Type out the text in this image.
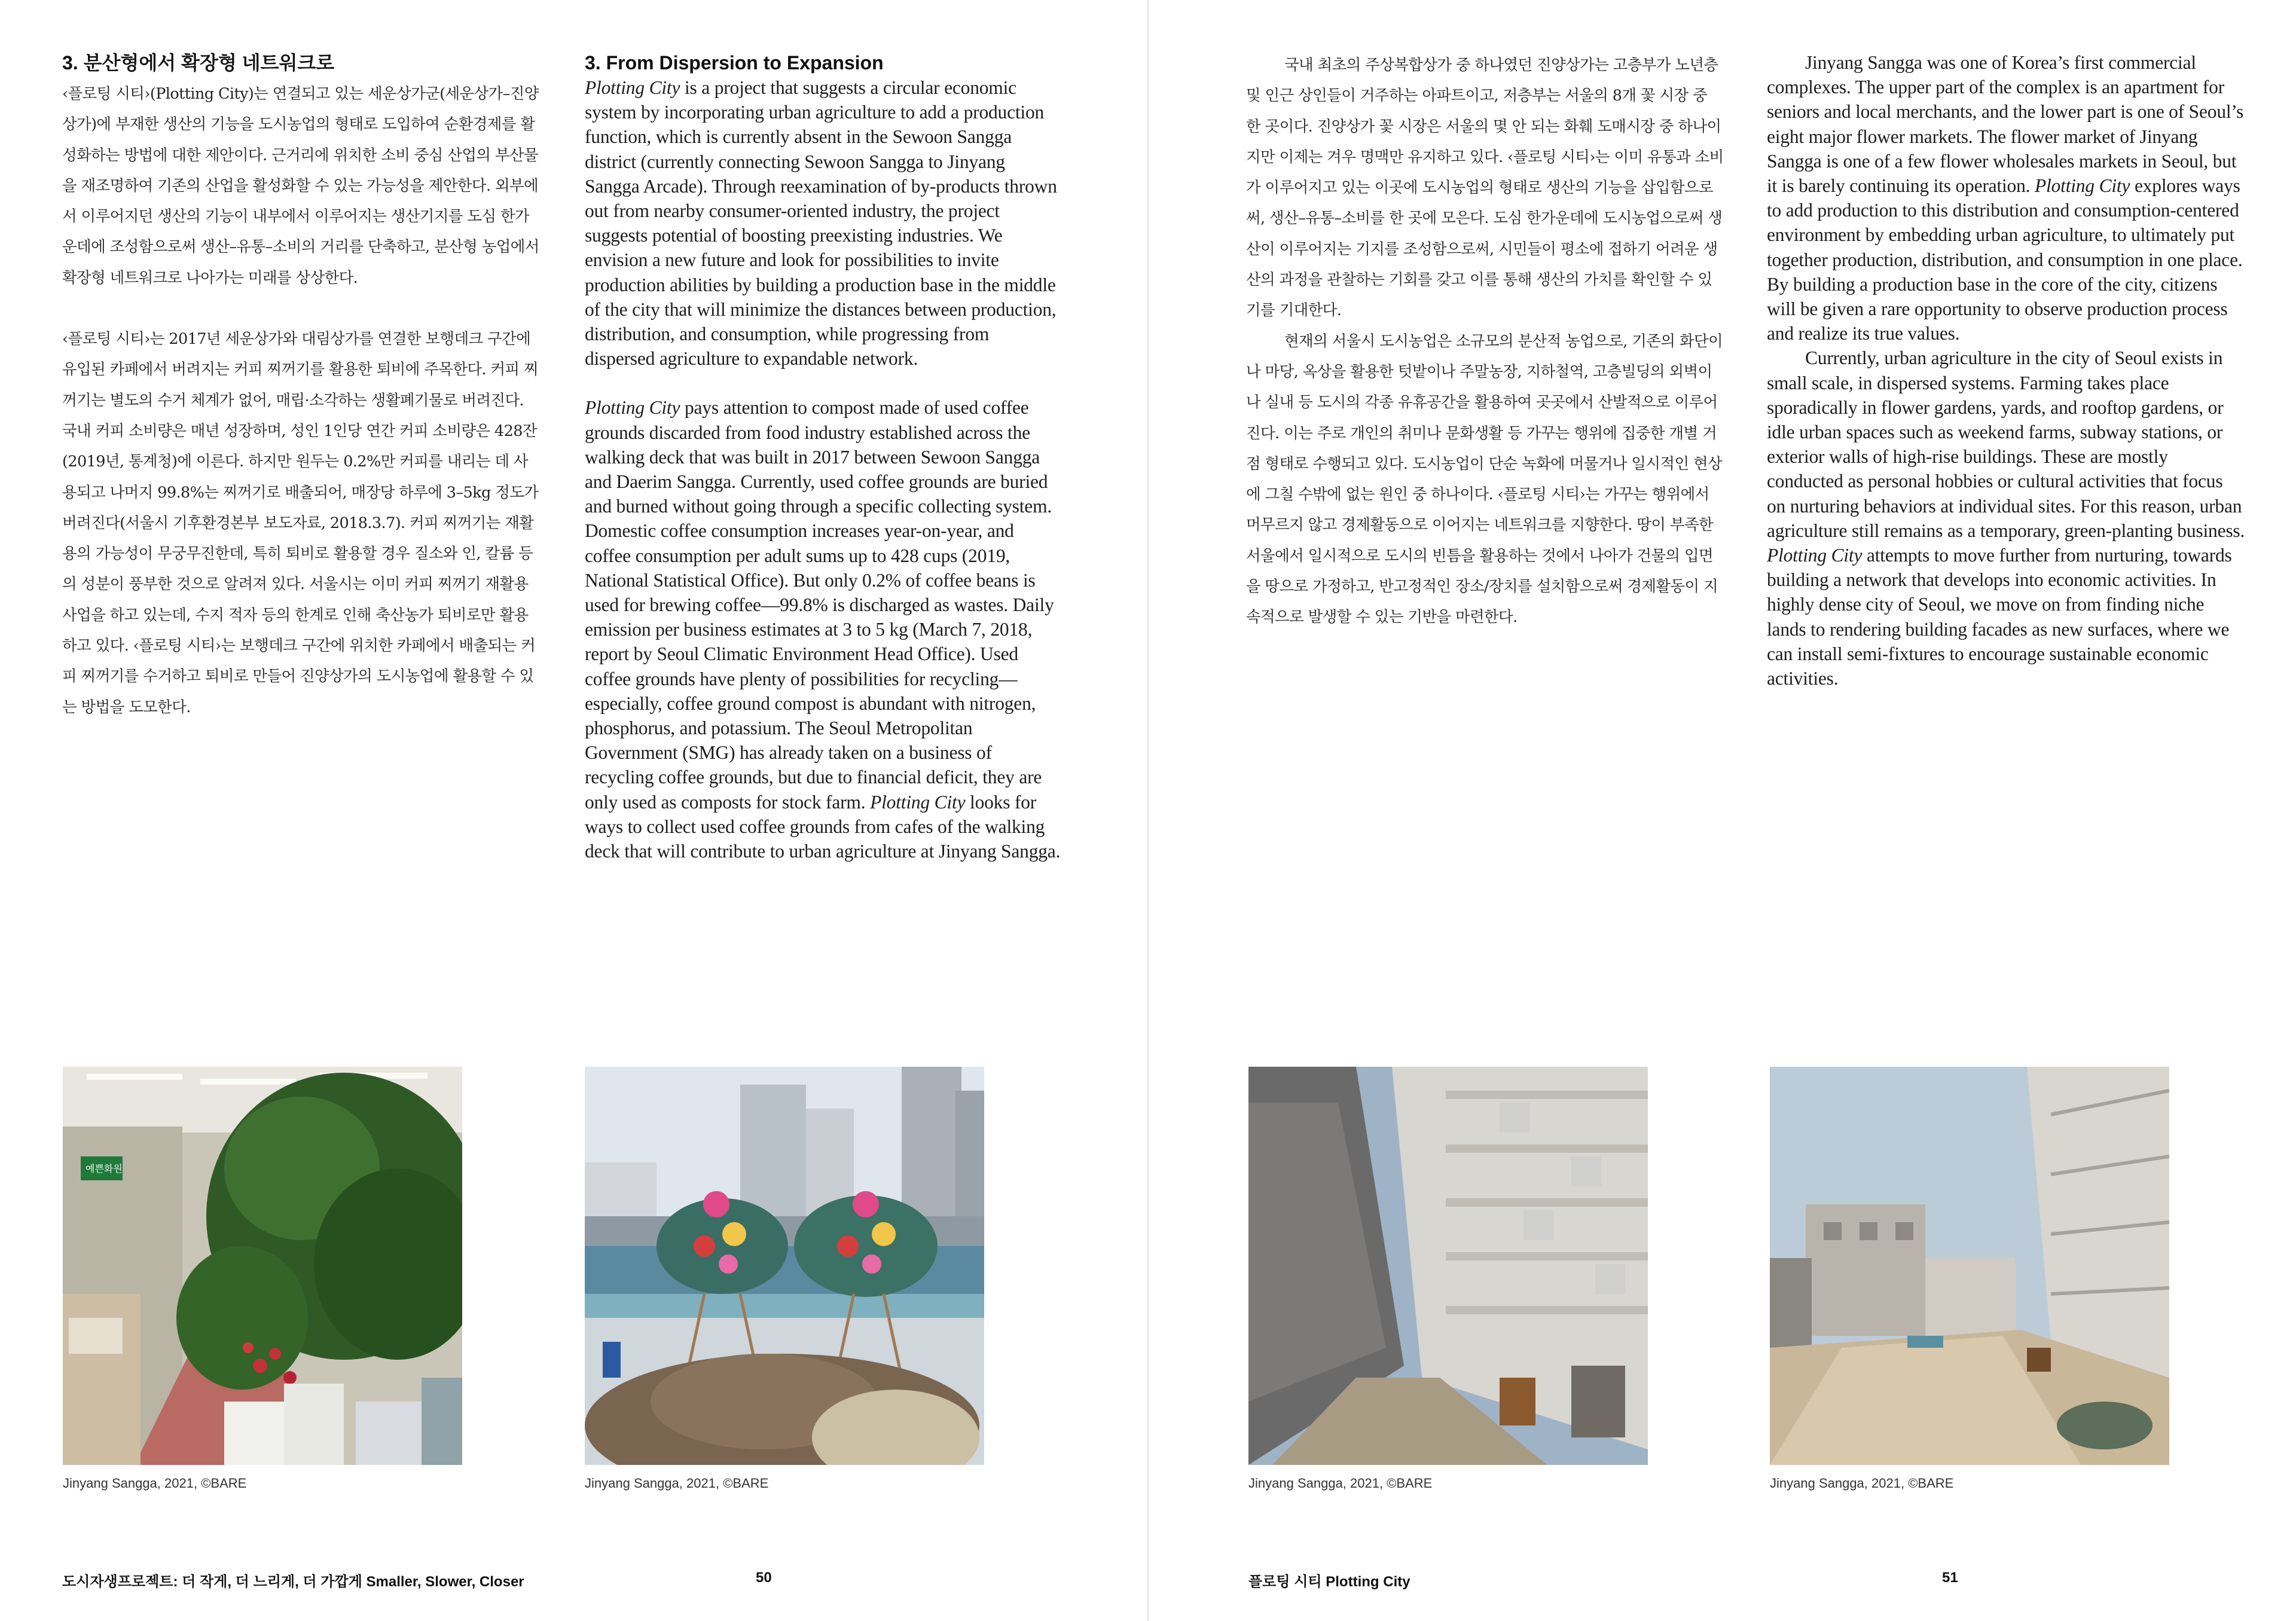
3. 분산형에서 확장형 네트워크로

‹플로팅 시티›(Plotting City)는 연결되고 있는 세운상가군(세운상가–진양상가)에 부재한 생산의 기능을 도시농업의 형태로 도입하여 순환경제를 활성화하는 방법에 대한 제안이다. 근거리에 위치한 소비 중심 산업의 부산물을 재조명하여 기존의 산업을 활성화할 수 있는 가능성을 제안한다. 외부에서 이루어지던 생산의 기능이 내부에서 이루어지는 생산기지를 도심 한가운데에 조성함으로써 생산–유통–소비의 거리를 단축하고, 분산형 농업에서 확장형 네트워크로 나아가는 미래를 상상한다.

‹플로팅 시티›는 2017년 세운상가와 대림상가를 연결한 보행데크 구간에 유입된 카페에서 버려지는 커피 찌꺼기를 활용한 퇴비에 주목한다. 커피 찌꺼기는 별도의 수거 체계가 없어, 매립·소각하는 생활폐기물로 버려진다. 국내 커피 소비량은 매년 성장하며, 성인 1인당 연간 커피 소비량은 428잔(2019년, 통계청)에 이른다. 하지만 원두는 0.2%만 커피를 내리는 데 사용되고 나머지 99.8%는 찌꺼기로 배출되어, 매장당 하루에 3–5kg 정도가 버려진다(서울시 기후환경본부 보도자료, 2018.3.7). 커피 찌꺼기는 재활용의 가능성이 무궁무진한데, 특히 퇴비로 활용할 경우 질소와 인, 칼륨 등의 성분이 풍부한 것으로 알려져 있다. 서울시는 이미 커피 찌꺼기 재활용 사업을 하고 있는데, 수지 적자 등의 한계로 인해 축산농가 퇴비로만 활용하고 있다. ‹플로팅 시티›는 보행데크 구간에 위치한 카페에서 배출되는 커피 찌꺼기를 수거하고 퇴비로 만들어 진양상가의 도시농업에 활용할 수 있는 방법을 도모한다.

3. From Dispersion to Expansion

Plotting City is a project that suggests a circular economic system by incorporating urban agriculture to add a production function, which is currently absent in the Sewoon Sangga district (currently connecting Sewoon Sangga to Jinyang Sangga Arcade). Through reexamination of by-products thrown out from nearby consumer-oriented industry, the project suggests potential of boosting preexisting industries. We envision a new future and look for possibilities to invite production abilities by building a production base in the middle of the city that will minimize the distances between production, distribution, and consumption, while progressing from dispersed agriculture to expandable network.

Plotting City pays attention to compost made of used coffee grounds discarded from food industry established across the walking deck that was built in 2017 between Sewoon Sangga and Daerim Sangga. Currently, used coffee grounds are buried and burned without going through a specific collecting system. Domestic coffee consumption increases year-on-year, and coffee consumption per adult sums up to 428 cups (2019, National Statistical Office). But only 0.2% of coffee beans is used for brewing coffee—99.8% is discharged as wastes. Daily emission per business estimates at 3 to 5 kg (March 7, 2018, report by Seoul Climatic Environment Head Office). Used coffee grounds have plenty of possibilities for recycling—especially, coffee ground compost is abundant with nitrogen, phosphorus, and potassium. The Seoul Metropolitan Government (SMG) has already taken on a business of recycling coffee grounds, but due to financial deficit, they are only used as composts for stock farm. Plotting City looks for ways to collect used coffee grounds from cafes of the walking deck that will contribute to urban agriculture at Jinyang Sangga.

국내 최초의 주상복합상가 중 하나였던 진양상가는 고층부가 노년층 및 인근 상인들이 거주하는 아파트이고, 저층부는 서울의 8개 꽃 시장 중 한 곳이다. 진양상가 꽃 시장은 서울의 몇 안 되는 화훼 도매시장 중 하나이지만 이제는 겨우 명맥만 유지하고 있다. ‹플로팅 시티›는 이미 유통과 소비가 이루어지고 있는 이곳에 도시농업의 형태로 생산의 기능을 삽입함으로써, 생산–유통–소비를 한 곳에 모은다. 도심 한가운데에 도시농업으로써 생산이 이루어지는 기지를 조성함으로써, 시민들이 평소에 접하기 어려운 생산의 과정을 관찰하는 기회를 갖고 이를 통해 생산의 가치를 확인할 수 있기를 기대한다.

현재의 서울시 도시농업은 소규모의 분산적 농업으로, 기존의 화단이나 마당, 옥상을 활용한 텃밭이나 주말농장, 지하철역, 고층빌딩의 외벽이나 실내 등 도시의 각종 유휴공간을 활용하여 곳곳에서 산발적으로 이루어진다. 이는 주로 개인의 취미나 문화생활 등 가꾸는 행위에 집중한 개별 거점 형태로 수행되고 있다. 도시농업이 단순 녹화에 머물거나 일시적인 현상에 그칠 수밖에 없는 원인 중 하나이다. ‹플로팅 시티›는 가꾸는 행위에서 머무르지 않고 경제활동으로 이어지는 네트워크를 지향한다. 땅이 부족한 서울에서 일시적으로 도시의 빈틈을 활용하는 것에서 나아가 건물의 입면을 땅으로 가정하고, 반고정적인 장소/장치를 설치함으로써 경제활동이 지속적으로 발생할 수 있는 기반을 마련한다.

Jinyang Sangga was one of Korea’s first commercial complexes. The upper part of the complex is an apartment for seniors and local merchants, and the lower part is one of Seoul’s eight major flower markets. The flower market of Jinyang Sangga is one of a few flower wholesales markets in Seoul, but it is barely continuing its operation. Plotting City explores ways to add production to this distribution and consumption-centered environment by embedding urban agriculture, to ultimately put together production, distribution, and consumption in one place. By building a production base in the core of the city, citizens will be given a rare opportunity to observe production process and realize its true values.

Currently, urban agriculture in the city of Seoul exists in small scale, in dispersed systems. Farming takes place sporadically in flower gardens, yards, and rooftop gardens, or idle urban spaces such as weekend farms, subway stations, or exterior walls of high-rise buildings. These are mostly conducted as personal hobbies or cultural activities that focus on nurturing behaviors at individual sites. For this reason, urban agriculture still remains as a temporary, green-planting business. Plotting City attempts to move further from nurturing, towards building a network that develops into economic activities. In highly dense city of Seoul, we move on from finding niche lands to rendering building facades as new surfaces, where we can install semi-fixtures to encourage sustainable economic activities.

예쁜화원

Jinyang Sangga, 2021, ©BARE	Jinyang Sangga, 2021, ©BARE	Jinyang Sangga, 2021, ©BARE	Jinyang Sangga, 2021, ©BARE

도시자생프로젝트: 더 작게, 더 느리게, 더 가깝게 Smaller, Slower, Closer	50	플로팅 시티 Plotting City	51
